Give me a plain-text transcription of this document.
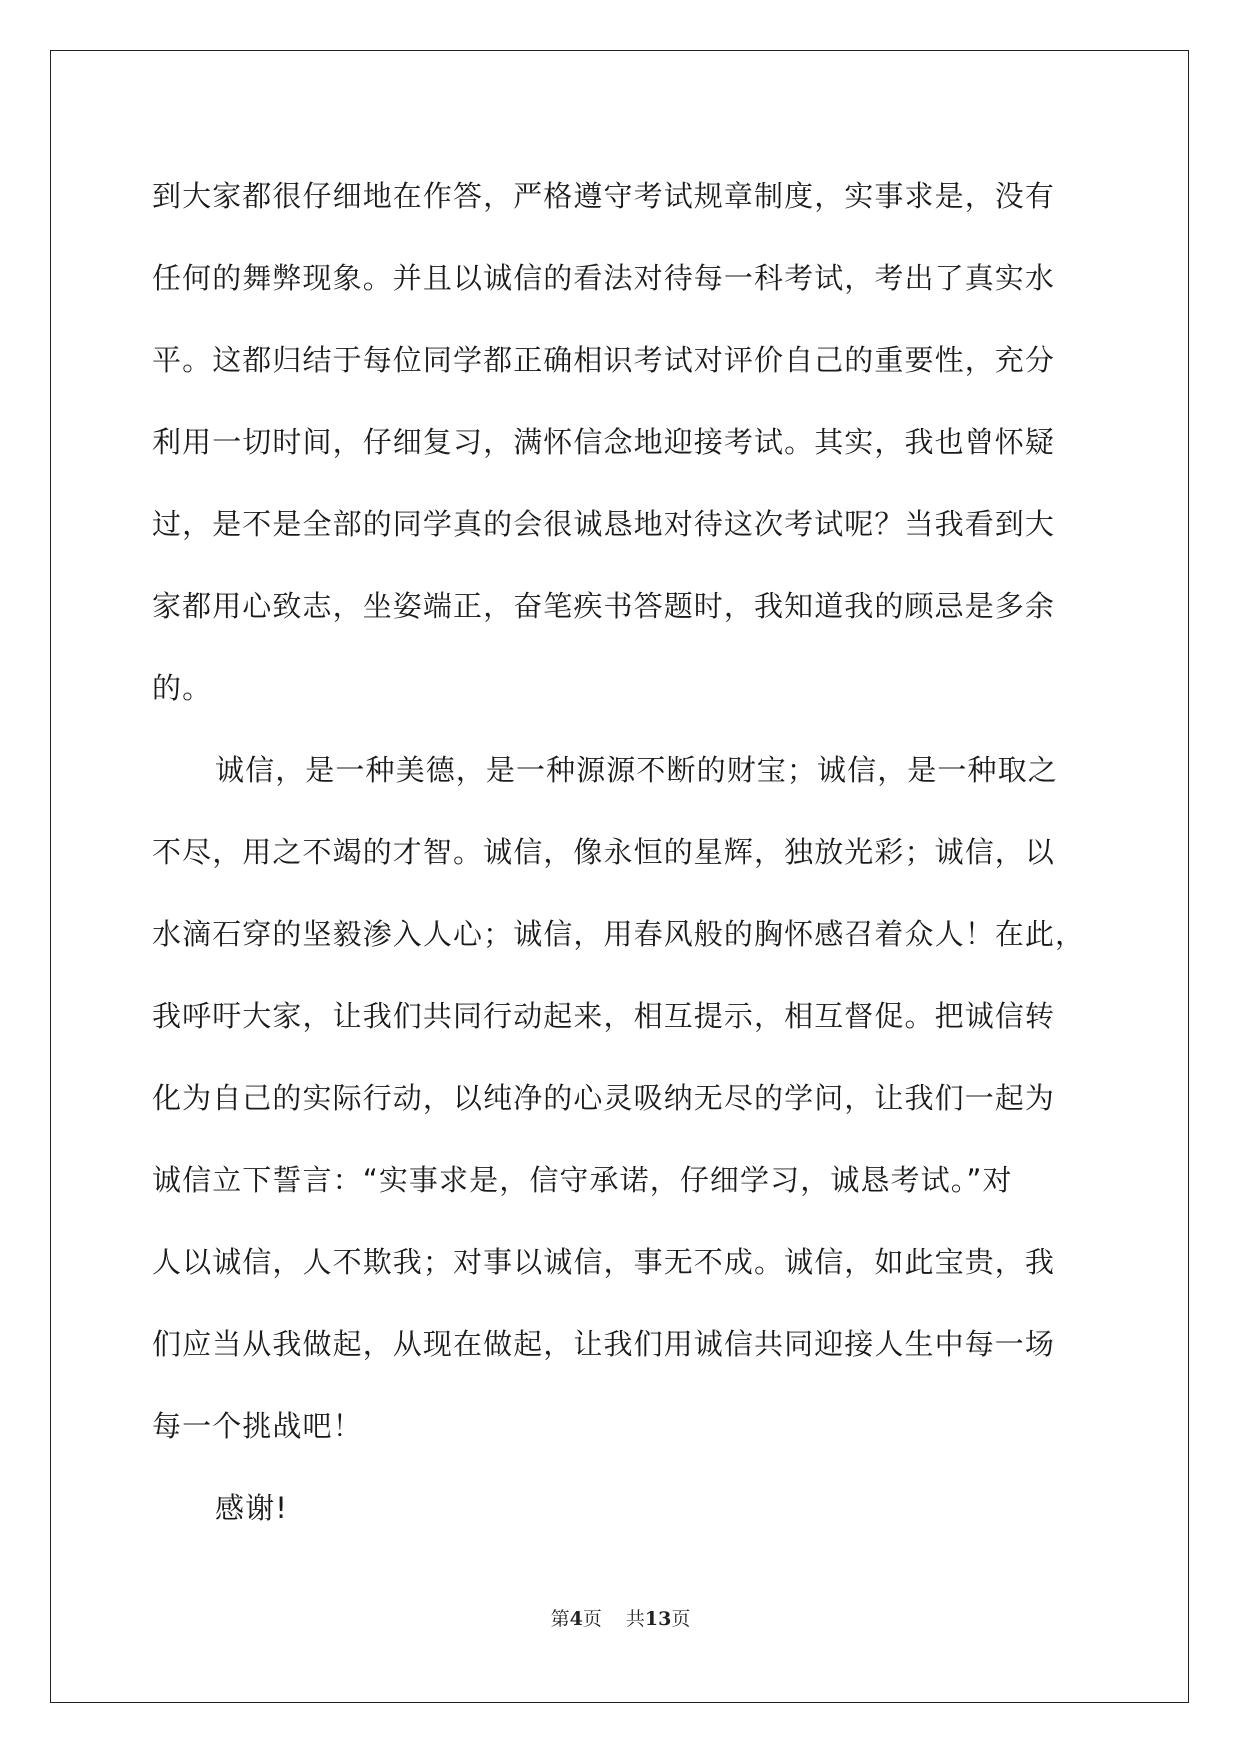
到大家都很仔细地在作答，严格遵守考试规章制度，实事求是，没有
任何的舞弊现象。并且以诚信的看法对待每一科考试，考出了真实水
平。这都归结于每位同学都正确相识考试对评价自己的重要性，充分
利用一切时间，仔细复习，满怀信念地迎接考试。其实，我也曾怀疑
过，是不是全部的同学真的会很诚恳地对待这次考试呢？当我看到大
家都用心致志，坐姿端正，奋笔疾书答题时，我知道我的顾忌是多余
的。
诚信，是一种美德，是一种源源不断的财宝；诚信，是一种取之
不尽，用之不竭的才智。诚信，像永恒的星辉，独放光彩；诚信，以
水滴石穿的坚毅渗入人心；诚信，用春风般的胸怀感召着众人！在此，
我呼吁大家，让我们共同行动起来，相互提示，相互督促。把诚信转
化为自己的实际行动，以纯净的心灵吸纳无尽的学问，让我们一起为
诚信立下誓言：“实事求是，信守承诺，仔细学习，诚恳考试。”对
人以诚信，人不欺我；对事以诚信，事无不成。诚信，如此宝贵，我
们应当从我做起，从现在做起，让我们用诚信共同迎接人生中每一场
每一个挑战吧！
感谢!
第4页 共13页
